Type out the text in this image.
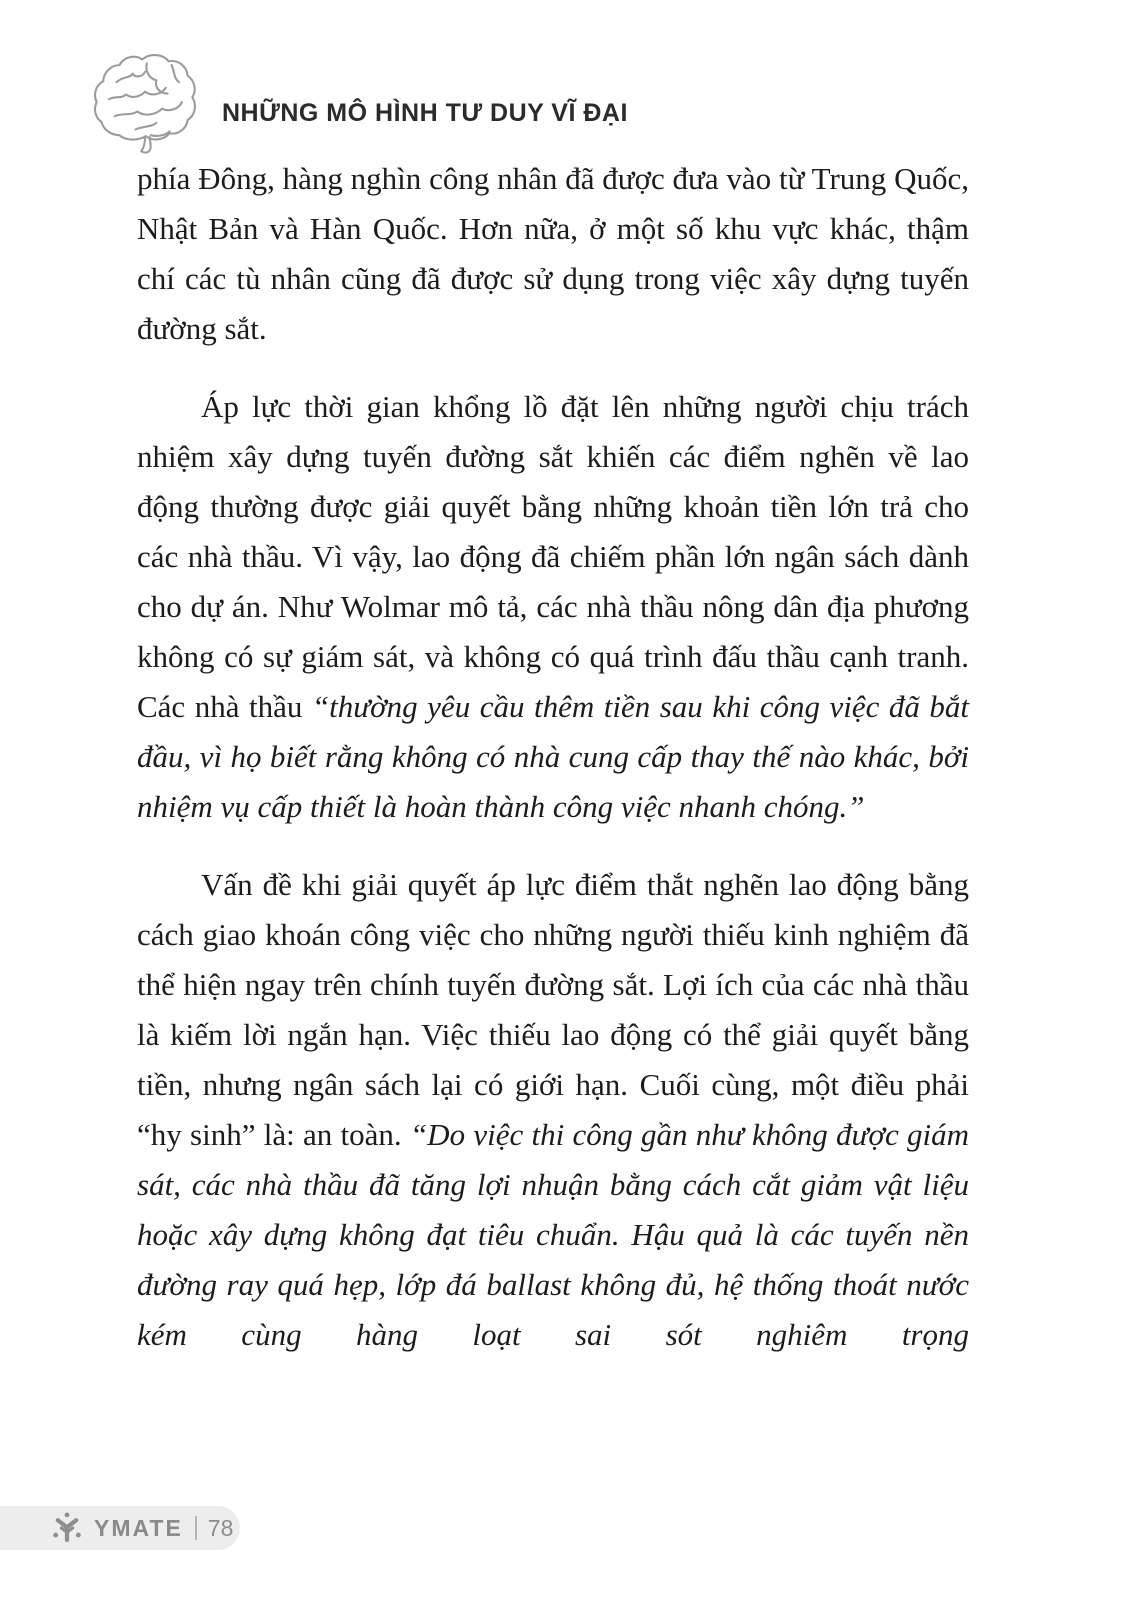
NHỮNG MÔ HÌNH TƯ DUY VĨ ĐẠI

phía Đông, hàng nghìn công nhân đã được đưa vào từ Trung Quốc, Nhật Bản và Hàn Quốc. Hơn nữa, ở một số khu vực khác, thậm chí các tù nhân cũng đã được sử dụng trong việc xây dựng tuyến đường sắt.

Áp lực thời gian khổng lồ đặt lên những người chịu trách nhiệm xây dựng tuyến đường sắt khiến các điểm nghẽn về lao động thường được giải quyết bằng những khoản tiền lớn trả cho các nhà thầu. Vì vậy, lao động đã chiếm phần lớn ngân sách dành cho dự án. Như Wolmar mô tả, các nhà thầu nông dân địa phương không có sự giám sát, và không có quá trình đấu thầu cạnh tranh. Các nhà thầu “thường yêu cầu thêm tiền sau khi công việc đã bắt đầu, vì họ biết rằng không có nhà cung cấp thay thế nào khác, bởi nhiệm vụ cấp thiết là hoàn thành công việc nhanh chóng.”

Vấn đề khi giải quyết áp lực điểm thắt nghẽn lao động bằng cách giao khoán công việc cho những người thiếu kinh nghiệm đã thể hiện ngay trên chính tuyến đường sắt. Lợi ích của các nhà thầu là kiếm lời ngắn hạn. Việc thiếu lao động có thể giải quyết bằng tiền, nhưng ngân sách lại có giới hạn. Cuối cùng, một điều phải “hy sinh” là: an toàn. “Do việc thi công gần như không được giám sát, các nhà thầu đã tăng lợi nhuận bằng cách cắt giảm vật liệu hoặc xây dựng không đạt tiêu chuẩn. Hậu quả là các tuyến nền đường ray quá hẹp, lớp đá ballast không đủ, hệ thống thoát nước kém cùng hàng loạt sai sót nghiêm trọng

YMATE 78
